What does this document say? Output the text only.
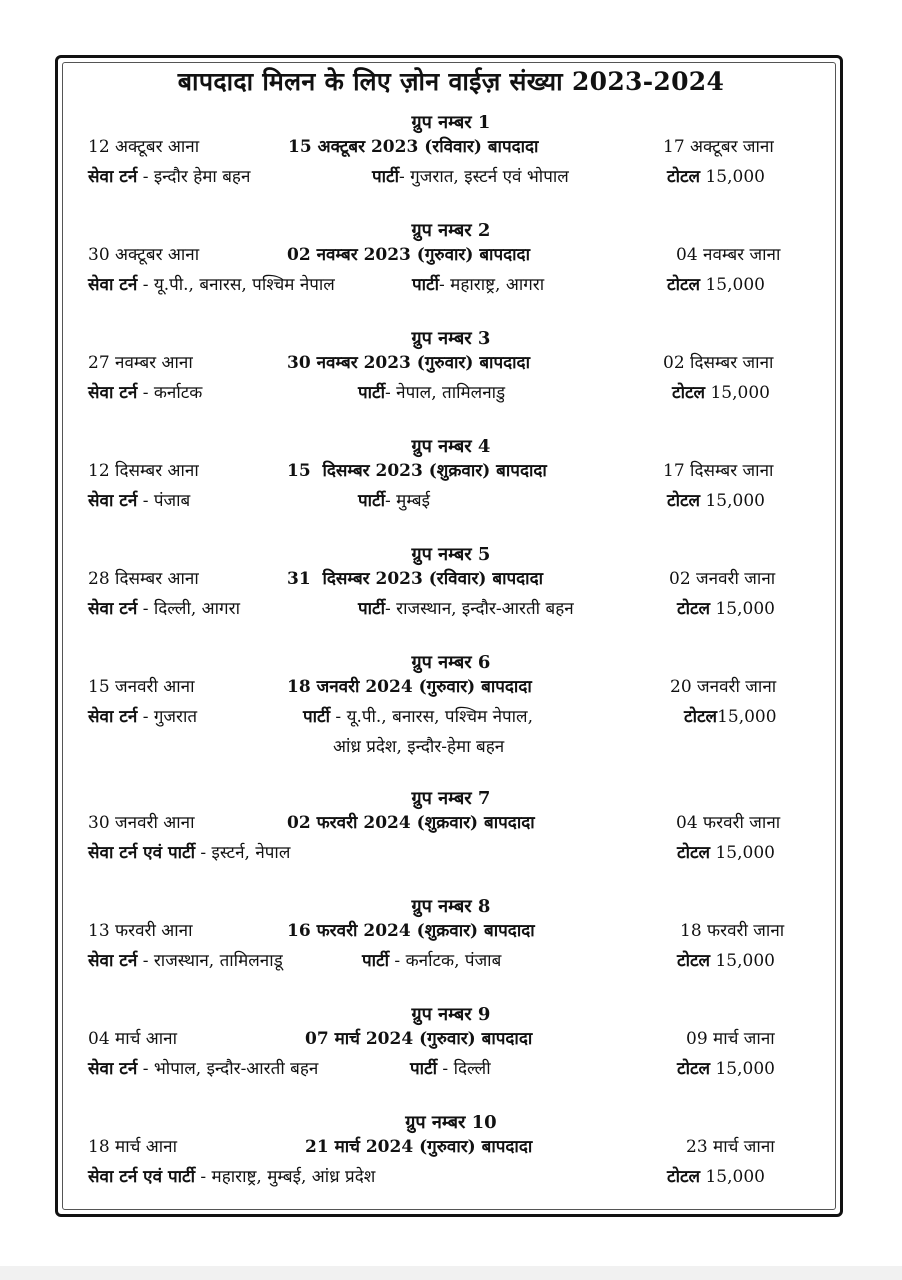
बापदादा मिलन के लिए ज़ोन वाईज़ संख्या 2023-2024
ग्रुप नम्बर 1
12 अक्टूबर आना	15 अक्टूबर 2023 (रविवार) बापदादा	17 अक्टूबर जाना
सेवा टर्न - इन्दौर हेमा बहन	पार्टी- गुजरात, इस्टर्न एवं भोपाल	टोटल 15,000
ग्रुप नम्बर 2
30 अक्टूबर आना	02 नवम्बर 2023 (गुरुवार) बापदादा	04 नवम्बर जाना
सेवा टर्न - यू.पी., बनारस, पश्चिम नेपाल	पार्टी- महाराष्ट्र, आगरा	टोटल 15,000
ग्रुप नम्बर 3
27 नवम्बर आना	30 नवम्बर 2023 (गुरुवार) बापदादा	02 दिसम्बर जाना
सेवा टर्न - कर्नाटक	पार्टी- नेपाल, तामिलनाडु	टोटल 15,000
ग्रुप नम्बर 4
12 दिसम्बर आना	15  दिसम्बर 2023 (शुक्रवार) बापदादा	17 दिसम्बर जाना
सेवा टर्न - पंजाब	पार्टी- मुम्बई	टोटल 15,000
ग्रुप नम्बर 5
28 दिसम्बर आना	31  दिसम्बर 2023 (रविवार) बापदादा	02 जनवरी जाना
सेवा टर्न - दिल्ली, आगरा	पार्टी- राजस्थान, इन्दौर-आरती बहन	टोटल 15,000
ग्रुप नम्बर 6
15 जनवरी आना	18 जनवरी 2024 (गुरुवार) बापदादा	20 जनवरी जाना
सेवा टर्न - गुजरात	पार्टी - यू.पी., बनारस, पश्चिम नेपाल,
आंध्र प्रदेश, इन्दौर-हेमा बहन
टोटल15,000
ग्रुप नम्बर 7
30 जनवरी आना	02 फरवरी 2024 (शुक्रवार) बापदादा	04 फरवरी जाना
सेवा टर्न एवं पार्टी - इस्टर्न, नेपाल	टोटल 15,000
ग्रुप नम्बर 8
13 फरवरी आना	16 फरवरी 2024 (शुक्रवार) बापदादा	18 फरवरी जाना
सेवा टर्न - राजस्थान, तामिलनाडू	पार्टी - कर्नाटक, पंजाब	टोटल 15,000
ग्रुप नम्बर 9
04 मार्च आना	07 मार्च 2024 (गुरुवार) बापदादा	09 मार्च जाना
सेवा टर्न - भोपाल, इन्दौर-आरती बहन	पार्टी - दिल्ली	टोटल 15,000
ग्रुप नम्बर 10
18 मार्च आना	21 मार्च 2024 (गुरुवार) बापदादा	23 मार्च जाना
सेवा टर्न एवं पार्टी - महाराष्ट्र, मुम्बई, आंध्र प्रदेश	टोटल 15,000
